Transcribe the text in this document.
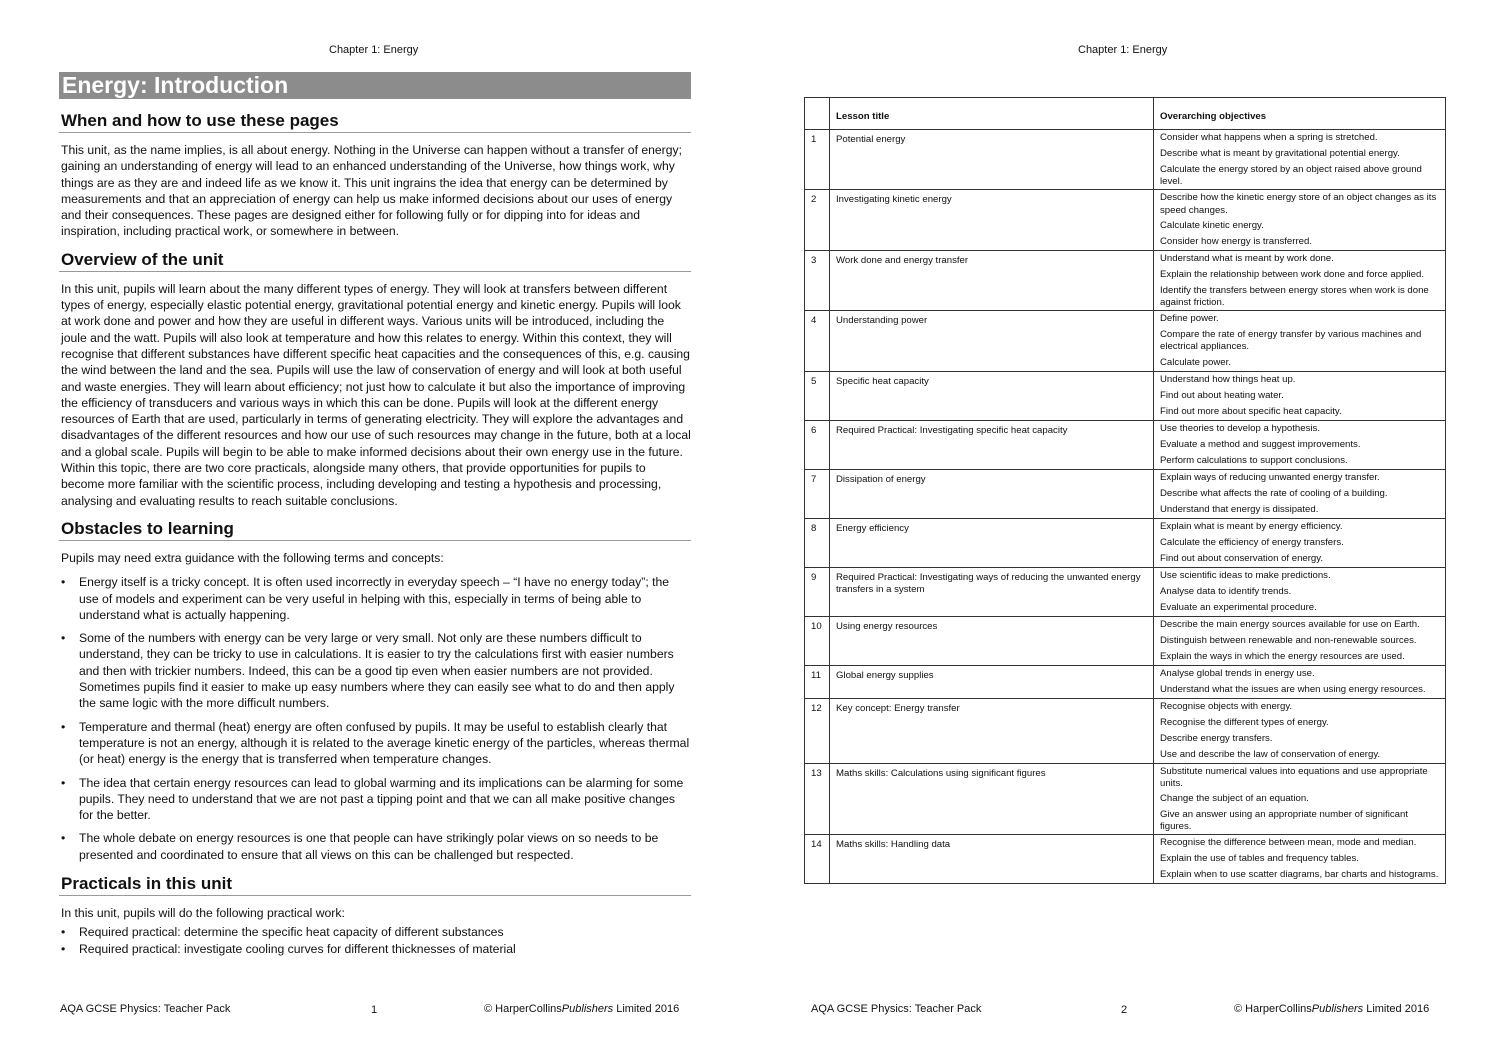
Chapter 1: Energy
Energy: Introduction
When and how to use these pages

This unit, as the name implies, is all about energy. Nothing in the Universe can happen without a transfer of energy; gaining an understanding of energy will lead to an enhanced understanding of the Universe, how things work, why things are as they are and indeed life as we know it. This unit ingrains the idea that energy can be determined by measurements and that an appreciation of energy can help us make informed decisions about our uses of energy and their consequences. These pages are designed either for following fully or for dipping into for ideas and inspiration, including practical work, or somewhere in between.

Overview of the unit

In this unit, pupils will learn about the many different types of energy. They will look at transfers between different types of energy, especially elastic potential energy, gravitational potential energy and kinetic energy. Pupils will look at work done and power and how they are useful in different ways. Various units will be introduced, including the joule and the watt. Pupils will also look at temperature and how this relates to energy. Within this context, they will recognise that different substances have different specific heat capacities and the consequences of this, e.g. causing the wind between the land and the sea. Pupils will use the law of conservation of energy and will look at both useful and waste energies. They will learn about efficiency; not just how to calculate it but also the importance of improving the efficiency of transducers and various ways in which this can be done. Pupils will look at the different energy resources of Earth that are used, particularly in terms of generating electricity. They will explore the advantages and disadvantages of the different resources and how our use of such resources may change in the future, both at a local and a global scale. Pupils will begin to be able to make informed decisions about their own energy use in the future. Within this topic, there are two core practicals, alongside many others, that provide opportunities for pupils to become more familiar with the scientific process, including developing and testing a hypothesis and processing, analysing and evaluating results to reach suitable conclusions.

Obstacles to learning

Pupils may need extra guidance with the following terms and concepts:

• Energy itself is a tricky concept. It is often used incorrectly in everyday speech – “I have no energy today”; the use of models and experiment can be very useful in helping with this, especially in terms of being able to understand what is actually happening.
• Some of the numbers with energy can be very large or very small. Not only are these numbers difficult to understand, they can be tricky to use in calculations. It is easier to try the calculations first with easier numbers and then with trickier numbers. Indeed, this can be a good tip even when easier numbers are not provided. Sometimes pupils find it easier to make up easy numbers where they can easily see what to do and then apply the same logic with the more difficult numbers.
• Temperature and thermal (heat) energy are often confused by pupils. It may be useful to establish clearly that temperature is not an energy, although it is related to the average kinetic energy of the particles, whereas thermal (or heat) energy is the energy that is transferred when temperature changes.
• The idea that certain energy resources can lead to global warming and its implications can be alarming for some pupils. They need to understand that we are not past a tipping point and that we can all make positive changes for the better.
• The whole debate on energy resources is one that people can have strikingly polar views on so needs to be presented and coordinated to ensure that all views on this can be challenged but respected.
Practicals in this unit

In this unit, pupils will do the following practical work:

• Required practical: determine the specific heat capacity of different substances
• Required practical: investigate cooling curves for different thicknesses of material
AQA GCSE Physics: Teacher Pack	1	© HarperCollinsPublishers Limited 2016
Chapter 1: Energy
	Lesson title	Overarching objectives
1	Potential energy	Consider what happens when a spring is stretched.
Describe what is meant by gravitational potential energy.
Calculate the energy stored by an object raised above ground level.

2	Investigating kinetic energy	Describe how the kinetic energy store of an object changes as its speed changes.
Calculate kinetic energy.
Consider how energy is transferred.

3	Work done and energy transfer	Understand what is meant by work done.
Explain the relationship between work done and force applied.
Identify the transfers between energy stores when work is done against friction.

4	Understanding power	Define power.
Compare the rate of energy transfer by various machines and electrical appliances.
Calculate power.

5	Specific heat capacity	Understand how things heat up.
Find out about heating water.
Find out more about specific heat capacity.

6	Required Practical: Investigating specific heat capacity	Use theories to develop a hypothesis.
Evaluate a method and suggest improvements.
Perform calculations to support conclusions.

7	Dissipation of energy	Explain ways of reducing unwanted energy transfer.
Describe what affects the rate of cooling of a building.
Understand that energy is dissipated.

8	Energy efficiency	Explain what is meant by energy efficiency.
Calculate the efficiency of energy transfers.
Find out about conservation of energy.

9	Required Practical: Investigating ways of reducing the unwanted energy transfers in a system	Use scientific ideas to make predictions.
Analyse data to identify trends.
Evaluate an experimental procedure.

10	Using energy resources	Describe the main energy sources available for use on Earth.
Distinguish between renewable and non-renewable sources.
Explain the ways in which the energy resources are used.

11	Global energy supplies	Analyse global trends in energy use.
Understand what the issues are when using energy resources.

12	Key concept: Energy transfer	Recognise objects with energy.
Recognise the different types of energy.
Describe energy transfers.
Use and describe the law of conservation of energy.

13	Maths skills: Calculations using significant figures	Substitute numerical values into equations and use appropriate units.
Change the subject of an equation.
Give an answer using an appropriate number of significant figures.

14	Maths skills: Handling data	Recognise the difference between mean, mode and median.
Explain the use of tables and frequency tables.
Explain when to use scatter diagrams, bar charts and histograms.
AQA GCSE Physics: Teacher Pack	2	© HarperCollinsPublishers Limited 2016
